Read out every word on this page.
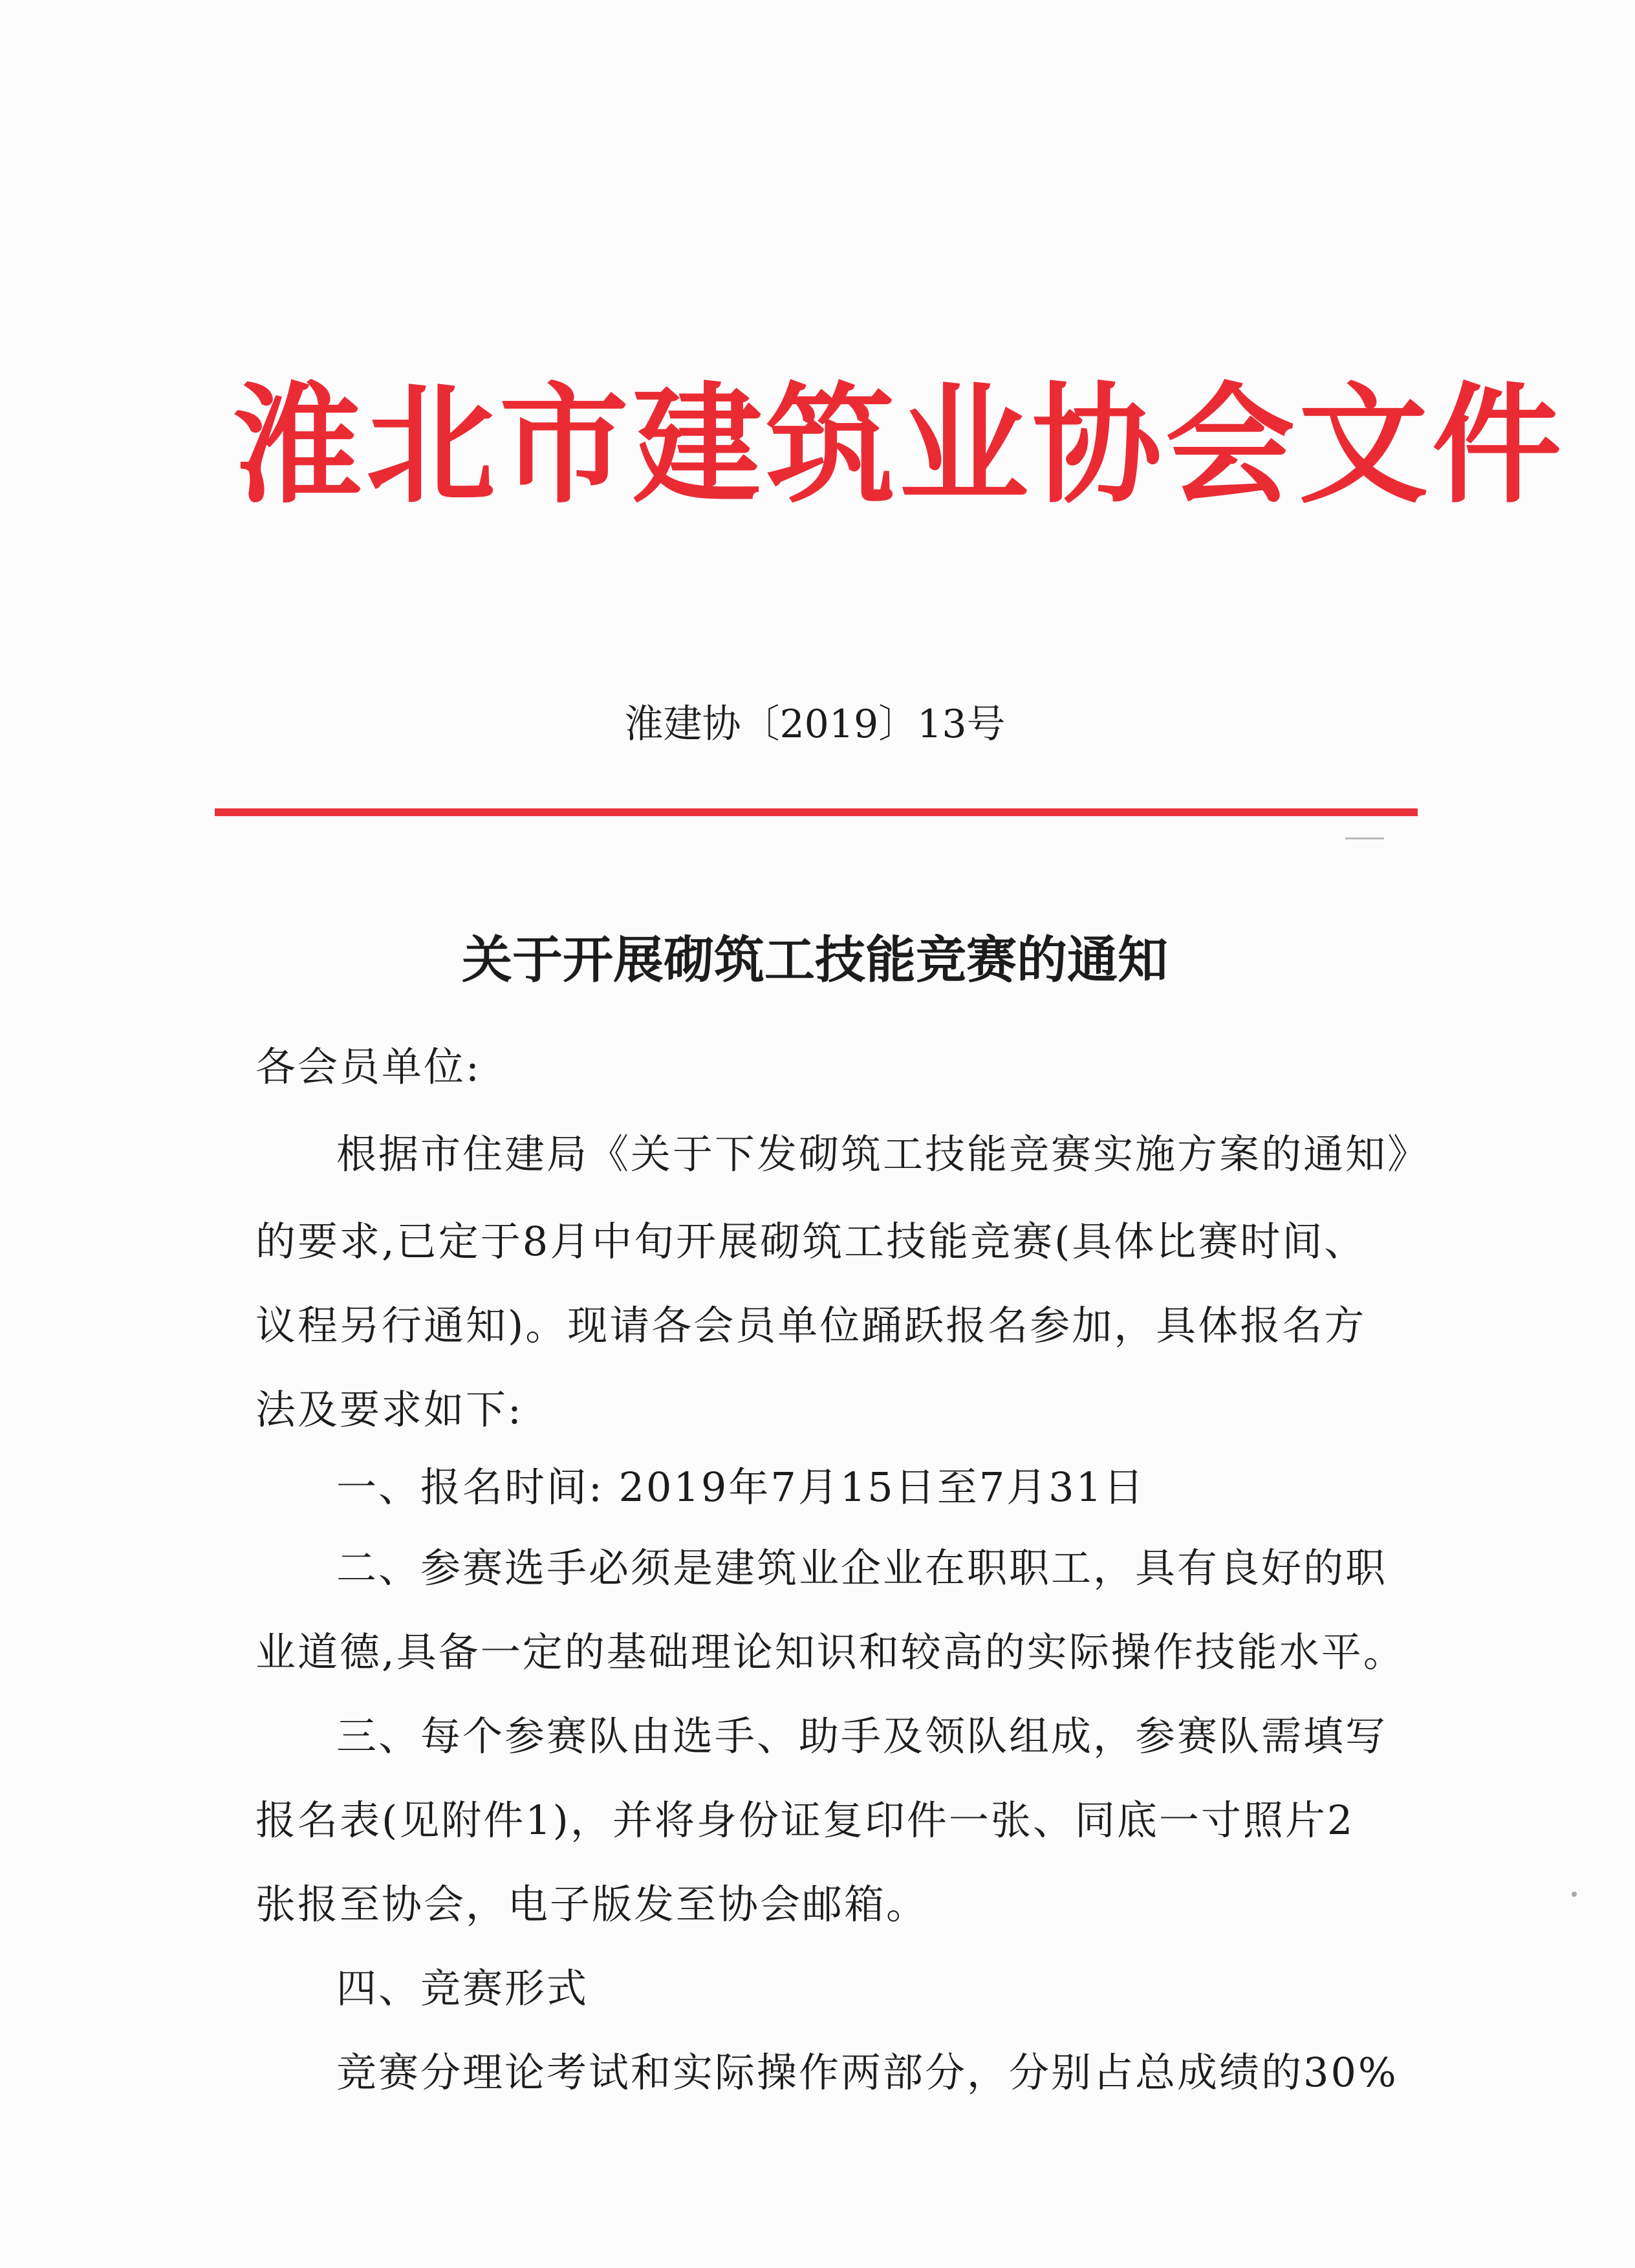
淮北市建筑业协会文件
淮建协〔2019〕13号
关于开展砌筑工技能竞赛的通知
各会员单位:
根据市住建局《关于下发砌筑工技能竞赛实施方案的通知》
的要求,已定于8月中旬开展砌筑工技能竞赛(具体比赛时间、
议程另行通知)。现请各会员单位踊跃报名参加，具体报名方
法及要求如下:
一、报名时间: 2019年7月15日至7月31日
二、参赛选手必须是建筑业企业在职职工，具有良好的职
业道德,具备一定的基础理论知识和较高的实际操作技能水平。
三、每个参赛队由选手、助手及领队组成，参赛队需填写
报名表(见附件1)，并将身份证复印件一张、同底一寸照片2
张报至协会，电子版发至协会邮箱。
四、竞赛形式
竞赛分理论考试和实际操作两部分，分别占总成绩的30%
